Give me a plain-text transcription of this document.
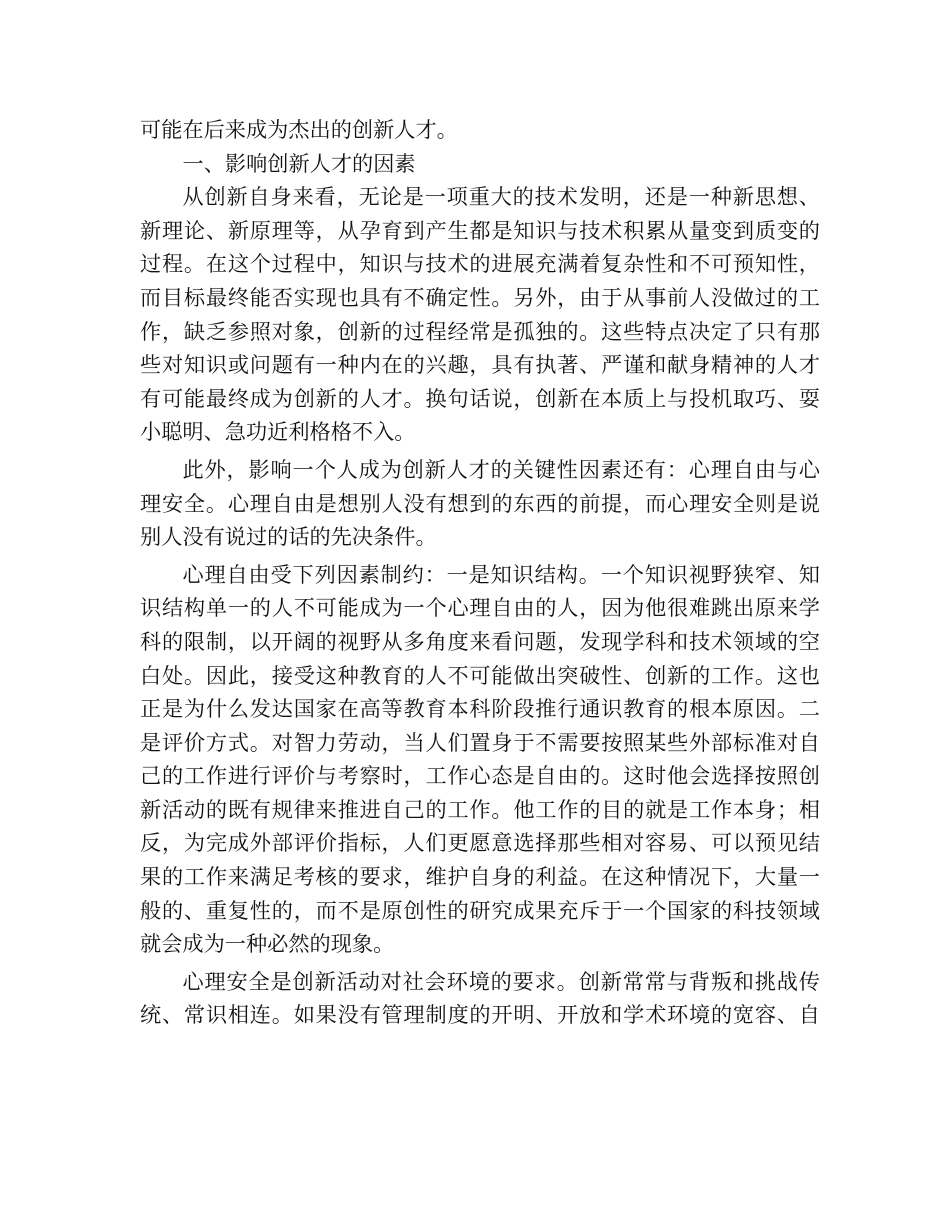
可能在后来成为杰出的创新人才。
一、影响创新人才的因素
从创新自身来看，无论是一项重大的技术发明，还是一种新思想、
新理论、新原理等，从孕育到产生都是知识与技术积累从量变到质变的
过程。在这个过程中，知识与技术的进展充满着复杂性和不可预知性，
而目标最终能否实现也具有不确定性。另外，由于从事前人没做过的工
作，缺乏参照对象，创新的过程经常是孤独的。这些特点决定了只有那
些对知识或问题有一种内在的兴趣，具有执著、严谨和献身精神的人才
有可能最终成为创新的人才。换句话说，创新在本质上与投机取巧、耍
小聪明、急功近利格格不入。
此外，影响一个人成为创新人才的关键性因素还有：心理自由与心
理安全。心理自由是想别人没有想到的东西的前提，而心理安全则是说
别人没有说过的话的先决条件。
心理自由受下列因素制约：一是知识结构。一个知识视野狭窄、知
识结构单一的人不可能成为一个心理自由的人，因为他很难跳出原来学
科的限制，以开阔的视野从多角度来看问题，发现学科和技术领域的空
白处。因此，接受这种教育的人不可能做出突破性、创新的工作。这也
正是为什么发达国家在高等教育本科阶段推行通识教育的根本原因。二
是评价方式。对智力劳动，当人们置身于不需要按照某些外部标准对自
己的工作进行评价与考察时，工作心态是自由的。这时他会选择按照创
新活动的既有规律来推进自己的工作。他工作的目的就是工作本身；相
反，为完成外部评价指标，人们更愿意选择那些相对容易、可以预见结
果的工作来满足考核的要求，维护自身的利益。在这种情况下，大量一
般的、重复性的，而不是原创性的研究成果充斥于一个国家的科技领域
就会成为一种必然的现象。
心理安全是创新活动对社会环境的要求。创新常常与背叛和挑战传
统、常识相连。如果没有管理制度的开明、开放和学术环境的宽容、自
